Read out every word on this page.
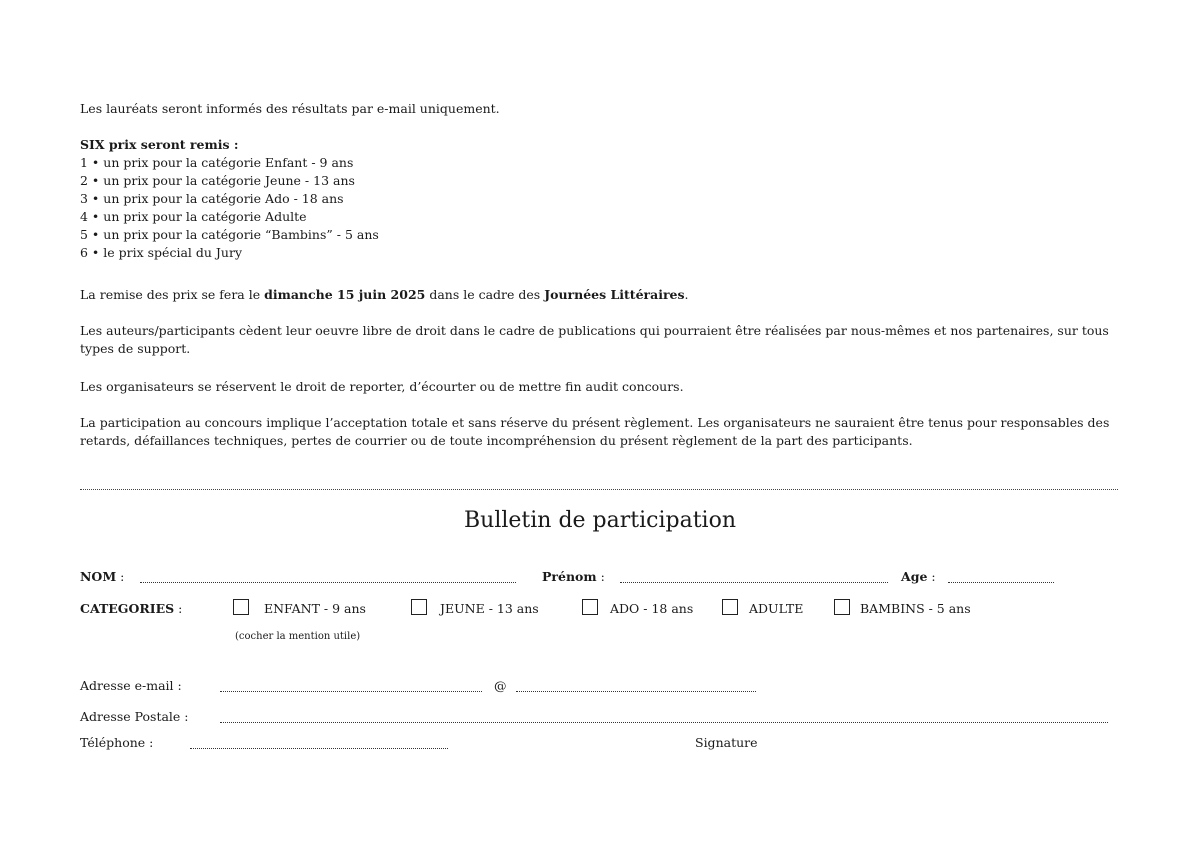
Les lauréats seront informés des résultats par e-mail uniquement.
SIX prix seront remis :
1 • un prix pour la catégorie Enfant - 9 ans
2 • un prix pour la catégorie Jeune - 13 ans
3 • un prix pour la catégorie Ado - 18 ans
4 • un prix pour la catégorie Adulte
5 • un prix pour la catégorie “Bambins” - 5 ans
6 • le prix spécial du Jury
La remise des prix se fera le dimanche 15 juin 2025 dans le cadre des Journées Littéraires.
Les auteurs/participants cèdent leur oeuvre libre de droit dans le cadre de publications qui pourraient être réalisées par nous-mêmes et nos partenaires, sur tous types de support.
Les organisateurs se réservent le droit de reporter, d’écourter ou de mettre fin audit concours.
La participation au concours implique l’acceptation totale et sans réserve du présent règlement. Les organisateurs ne sauraient être tenus pour responsables des retards, défaillances techniques, pertes de courrier ou de toute incompréhension du présent règlement de la part des participants.
Bulletin de participation
NOM :	Prénom :	Age :
CATEGORIES :	ENFANT - 9 ans	JEUNE - 13 ans	ADO - 18 ans	ADULTE	BAMBINS - 5 ans
(cocher la mention utile)
Adresse e-mail :	@
Adresse Postale :
Téléphone :	Signature
